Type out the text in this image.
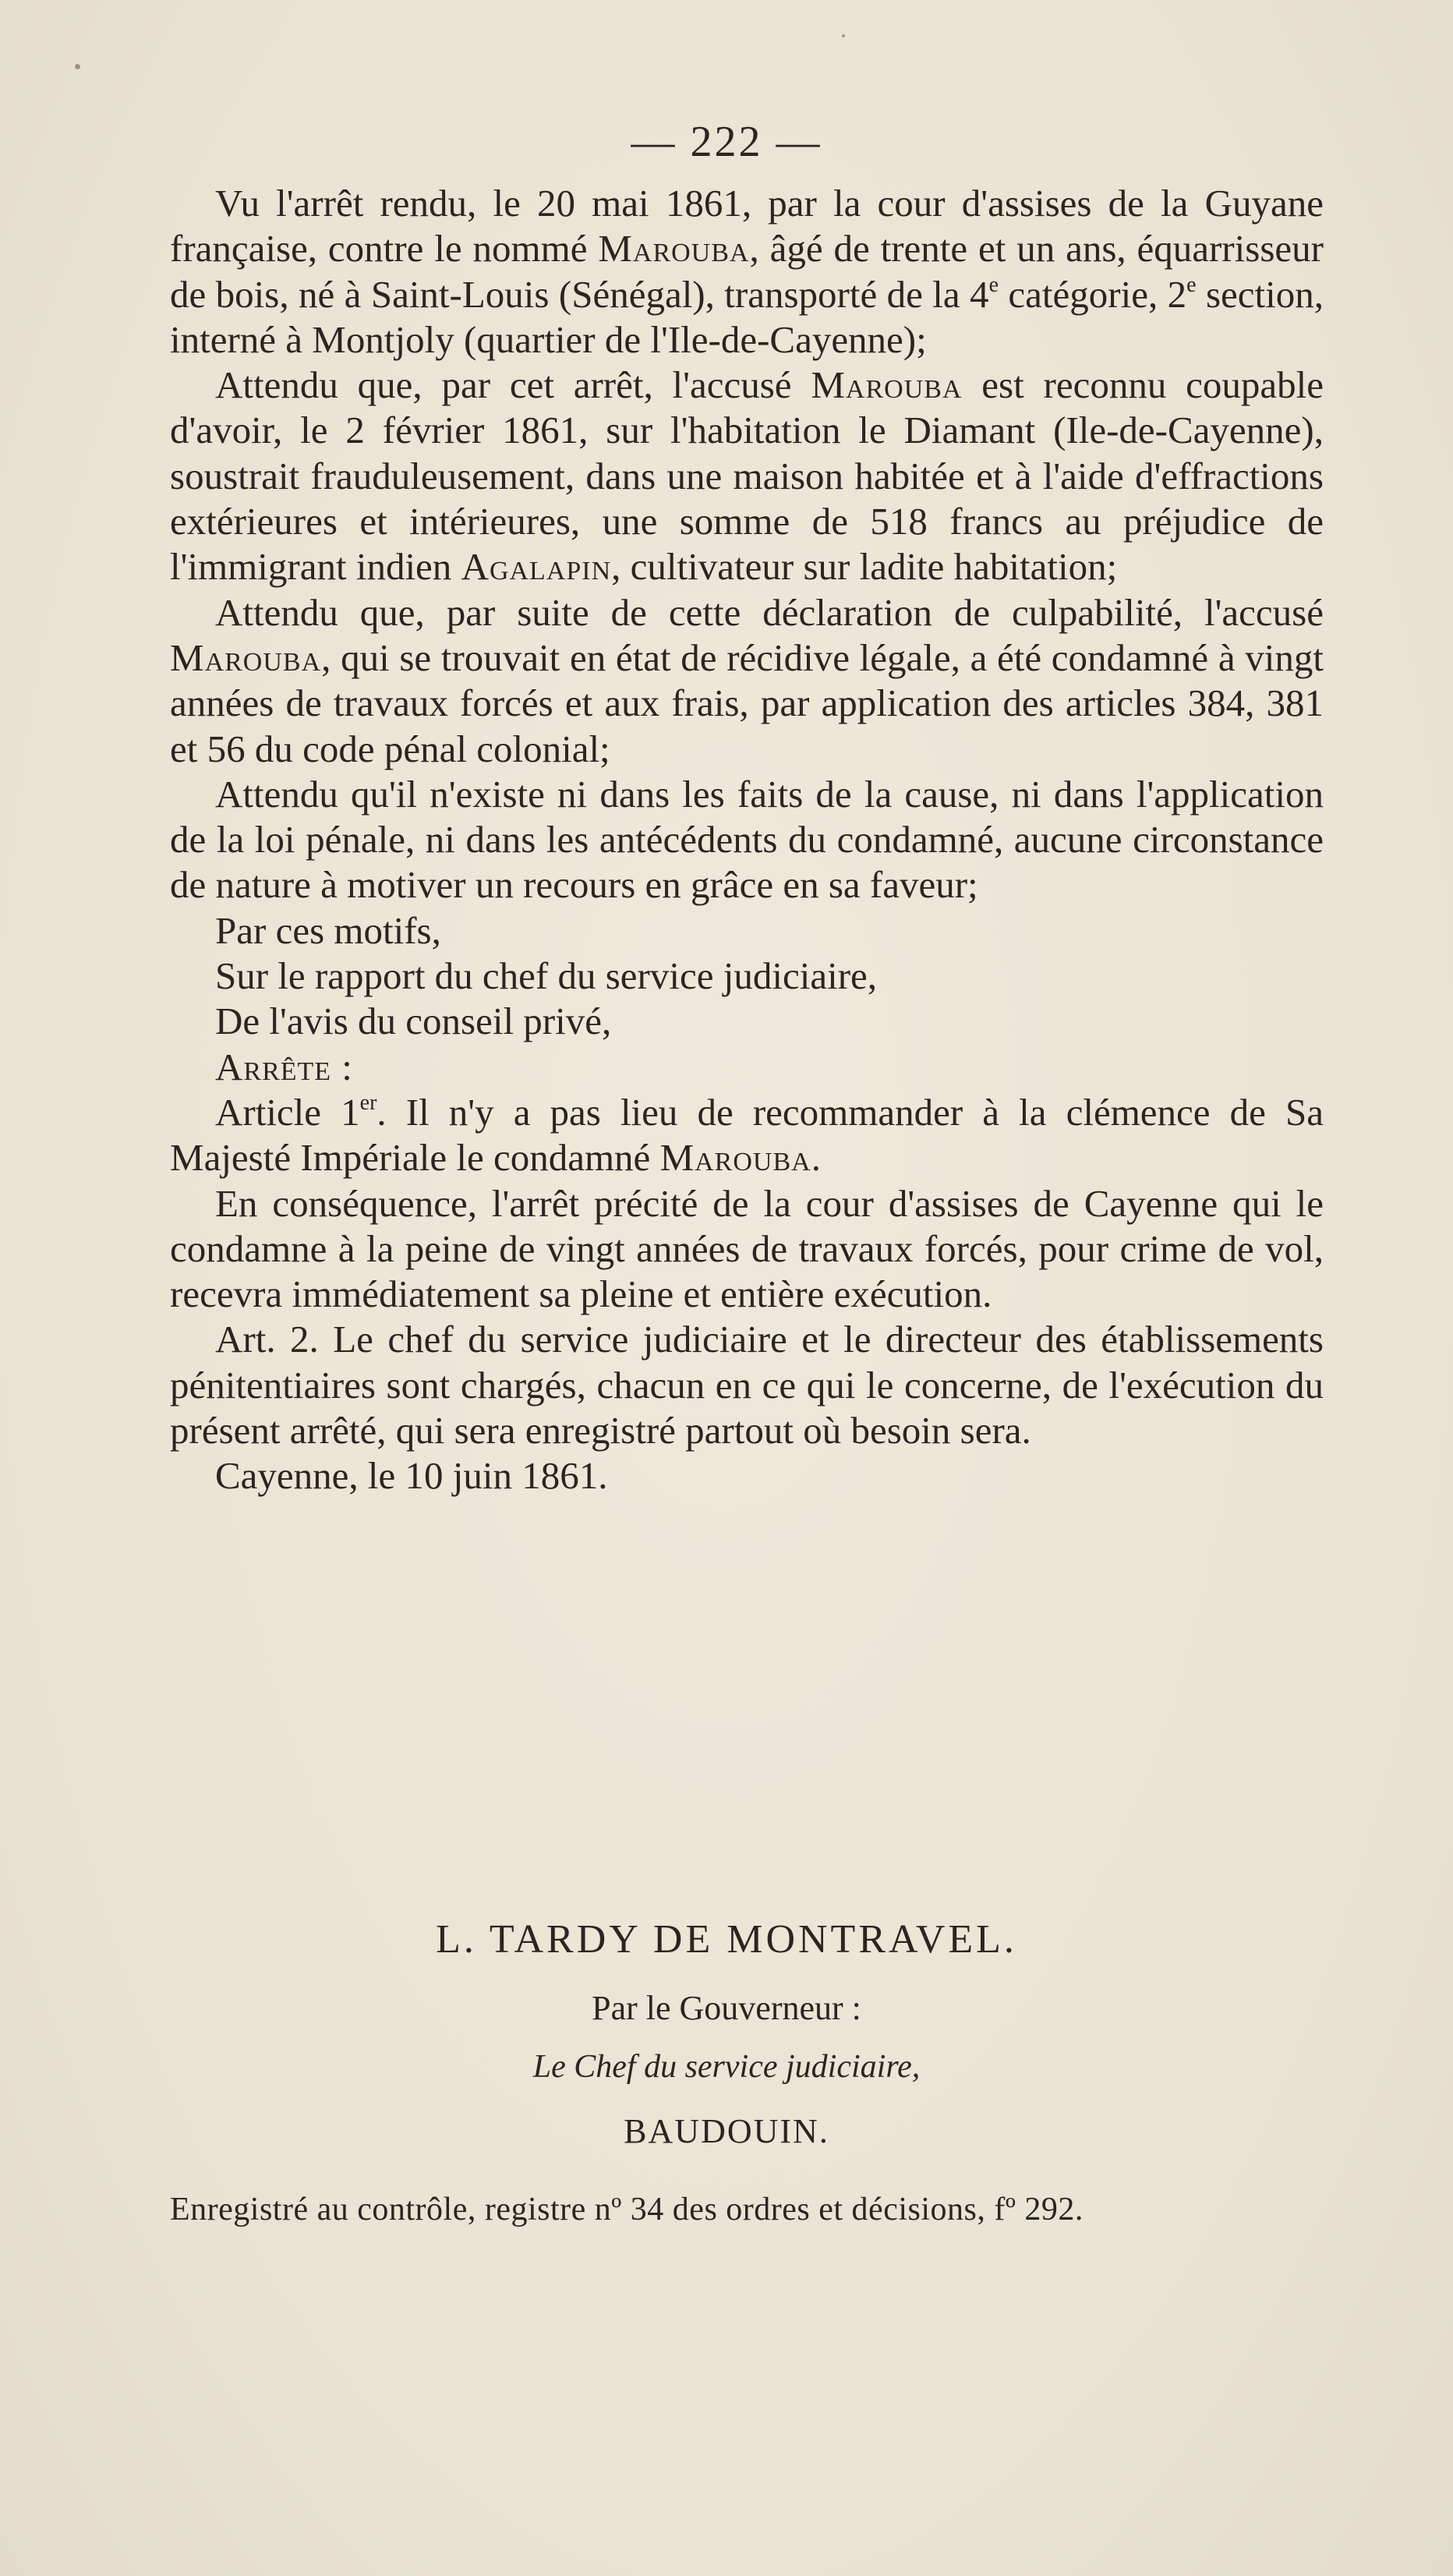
— 222 —

Vu l'arrêt rendu, le 20 mai 1861, par la cour d'assises de la Guyane française, contre le nommé Marouba, âgé de trente et un ans, équarrisseur de bois, né à Saint-Louis (Sénégal), transporté de la 4e catégorie, 2e section, interné à Montjoly (quartier de l'Ile-de-Cayenne);

Attendu que, par cet arrêt, l'accusé Marouba est reconnu coupable d'avoir, le 2 février 1861, sur l'habitation le Diamant (Ile-de-Cayenne), soustrait frauduleusement, dans une maison habitée et à l'aide d'effractions extérieures et intérieures, une somme de 518 francs au préjudice de l'immigrant indien Agalapin, cultivateur sur ladite habitation;

Attendu que, par suite de cette déclaration de culpabilité, l'accusé Marouba, qui se trouvait en état de récidive légale, a été condamné à vingt années de travaux forcés et aux frais, par application des articles 384, 381 et 56 du code pénal colonial;

Attendu qu'il n'existe ni dans les faits de la cause, ni dans l'application de la loi pénale, ni dans les antécédents du condamné, aucune circonstance de nature à motiver un recours en grâce en sa faveur;

Par ces motifs,

Sur le rapport du chef du service judiciaire,

De l'avis du conseil privé,

Arrête :

Article 1er. Il n'y a pas lieu de recommander à la clémence de Sa Majesté Impériale le condamné Marouba.

En conséquence, l'arrêt précité de la cour d'assises de Cayenne qui le condamne à la peine de vingt années de travaux forcés, pour crime de vol, recevra immédiatement sa pleine et entière exécution.

Art. 2. Le chef du service judiciaire et le directeur des établissements pénitentiaires sont chargés, chacun en ce qui le concerne, de l'exécution du présent arrêté, qui sera enregistré partout où besoin sera.

Cayenne, le 10 juin 1861.

L. TARDY DE MONTRAVEL.
Par le Gouverneur :
Le Chef du service judiciaire,
BAUDOUIN.
Enregistré au contrôle, registre nº 34 des ordres et décisions, fº 292.
